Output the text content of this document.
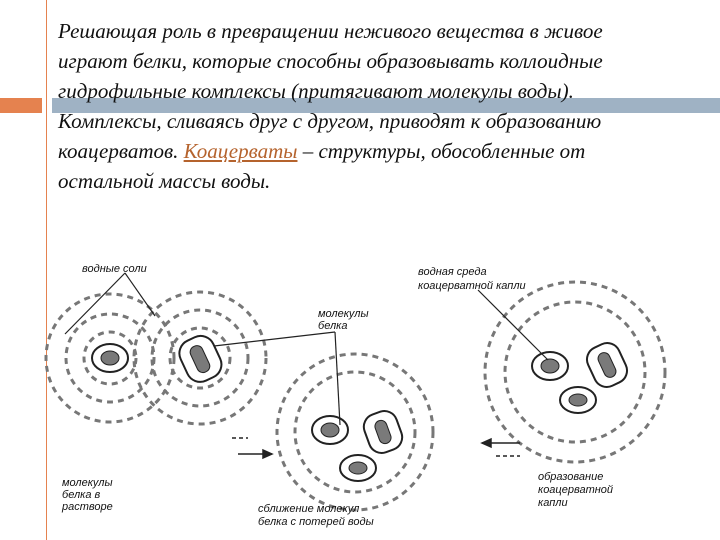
Решающая роль в превращении неживого вещества в живое играют белки, которые способны образовывать коллоидные гидрофильные комплексы (притягивают молекулы воды). Комплексы, сливаясь друг с другом, приводят к образованию коацерватов. Коацерваты – структуры, обособленные от остальной массы воды.

водные соли
молекулы
белка
водная среда
коацерватной капли
молекулы
белка в
растворе	сближение молекул
белка с потерей воды
образование
коацерватной
капли
